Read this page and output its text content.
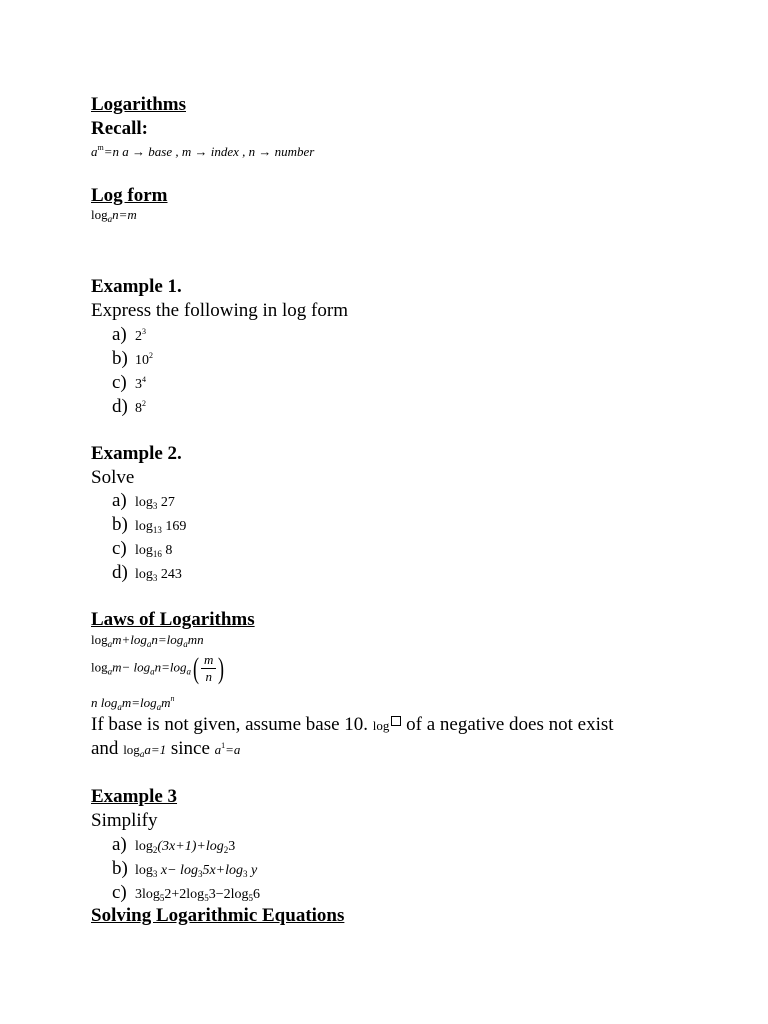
Logarithms
Recall:
$a^m=n$ a → base , m → index , n → number
Log form
$\log_an=m$
Example 1.
Express the following in log form
a) $2^3$
b) $10^2$
c) $3^4$
d) $8^2$
Example 2.
Solve
a) $\log_3 27$
b) $\log_{13} 169$
c) $\log_{16} 8$
d) $\log_3 243$
Laws of Logarithms
$\log_am+\log_an=\log_amn$
$\log_am- \log_an=\log_a( \frac{m}{n}$ )
n $\log_am=\log_am^n$
If base is not given, assume base 10. log of a negative does not exist
and $\log_aa=1$ since $a^1=a$
Example 3
Simplify
a) $\log_2(3x+1)+\log_23$
b) $\log_3 x- \log_35x+\log_3$ y
c) $3\log_52+2\log_53-2\log_56$
Solving Logarithmic Equations
